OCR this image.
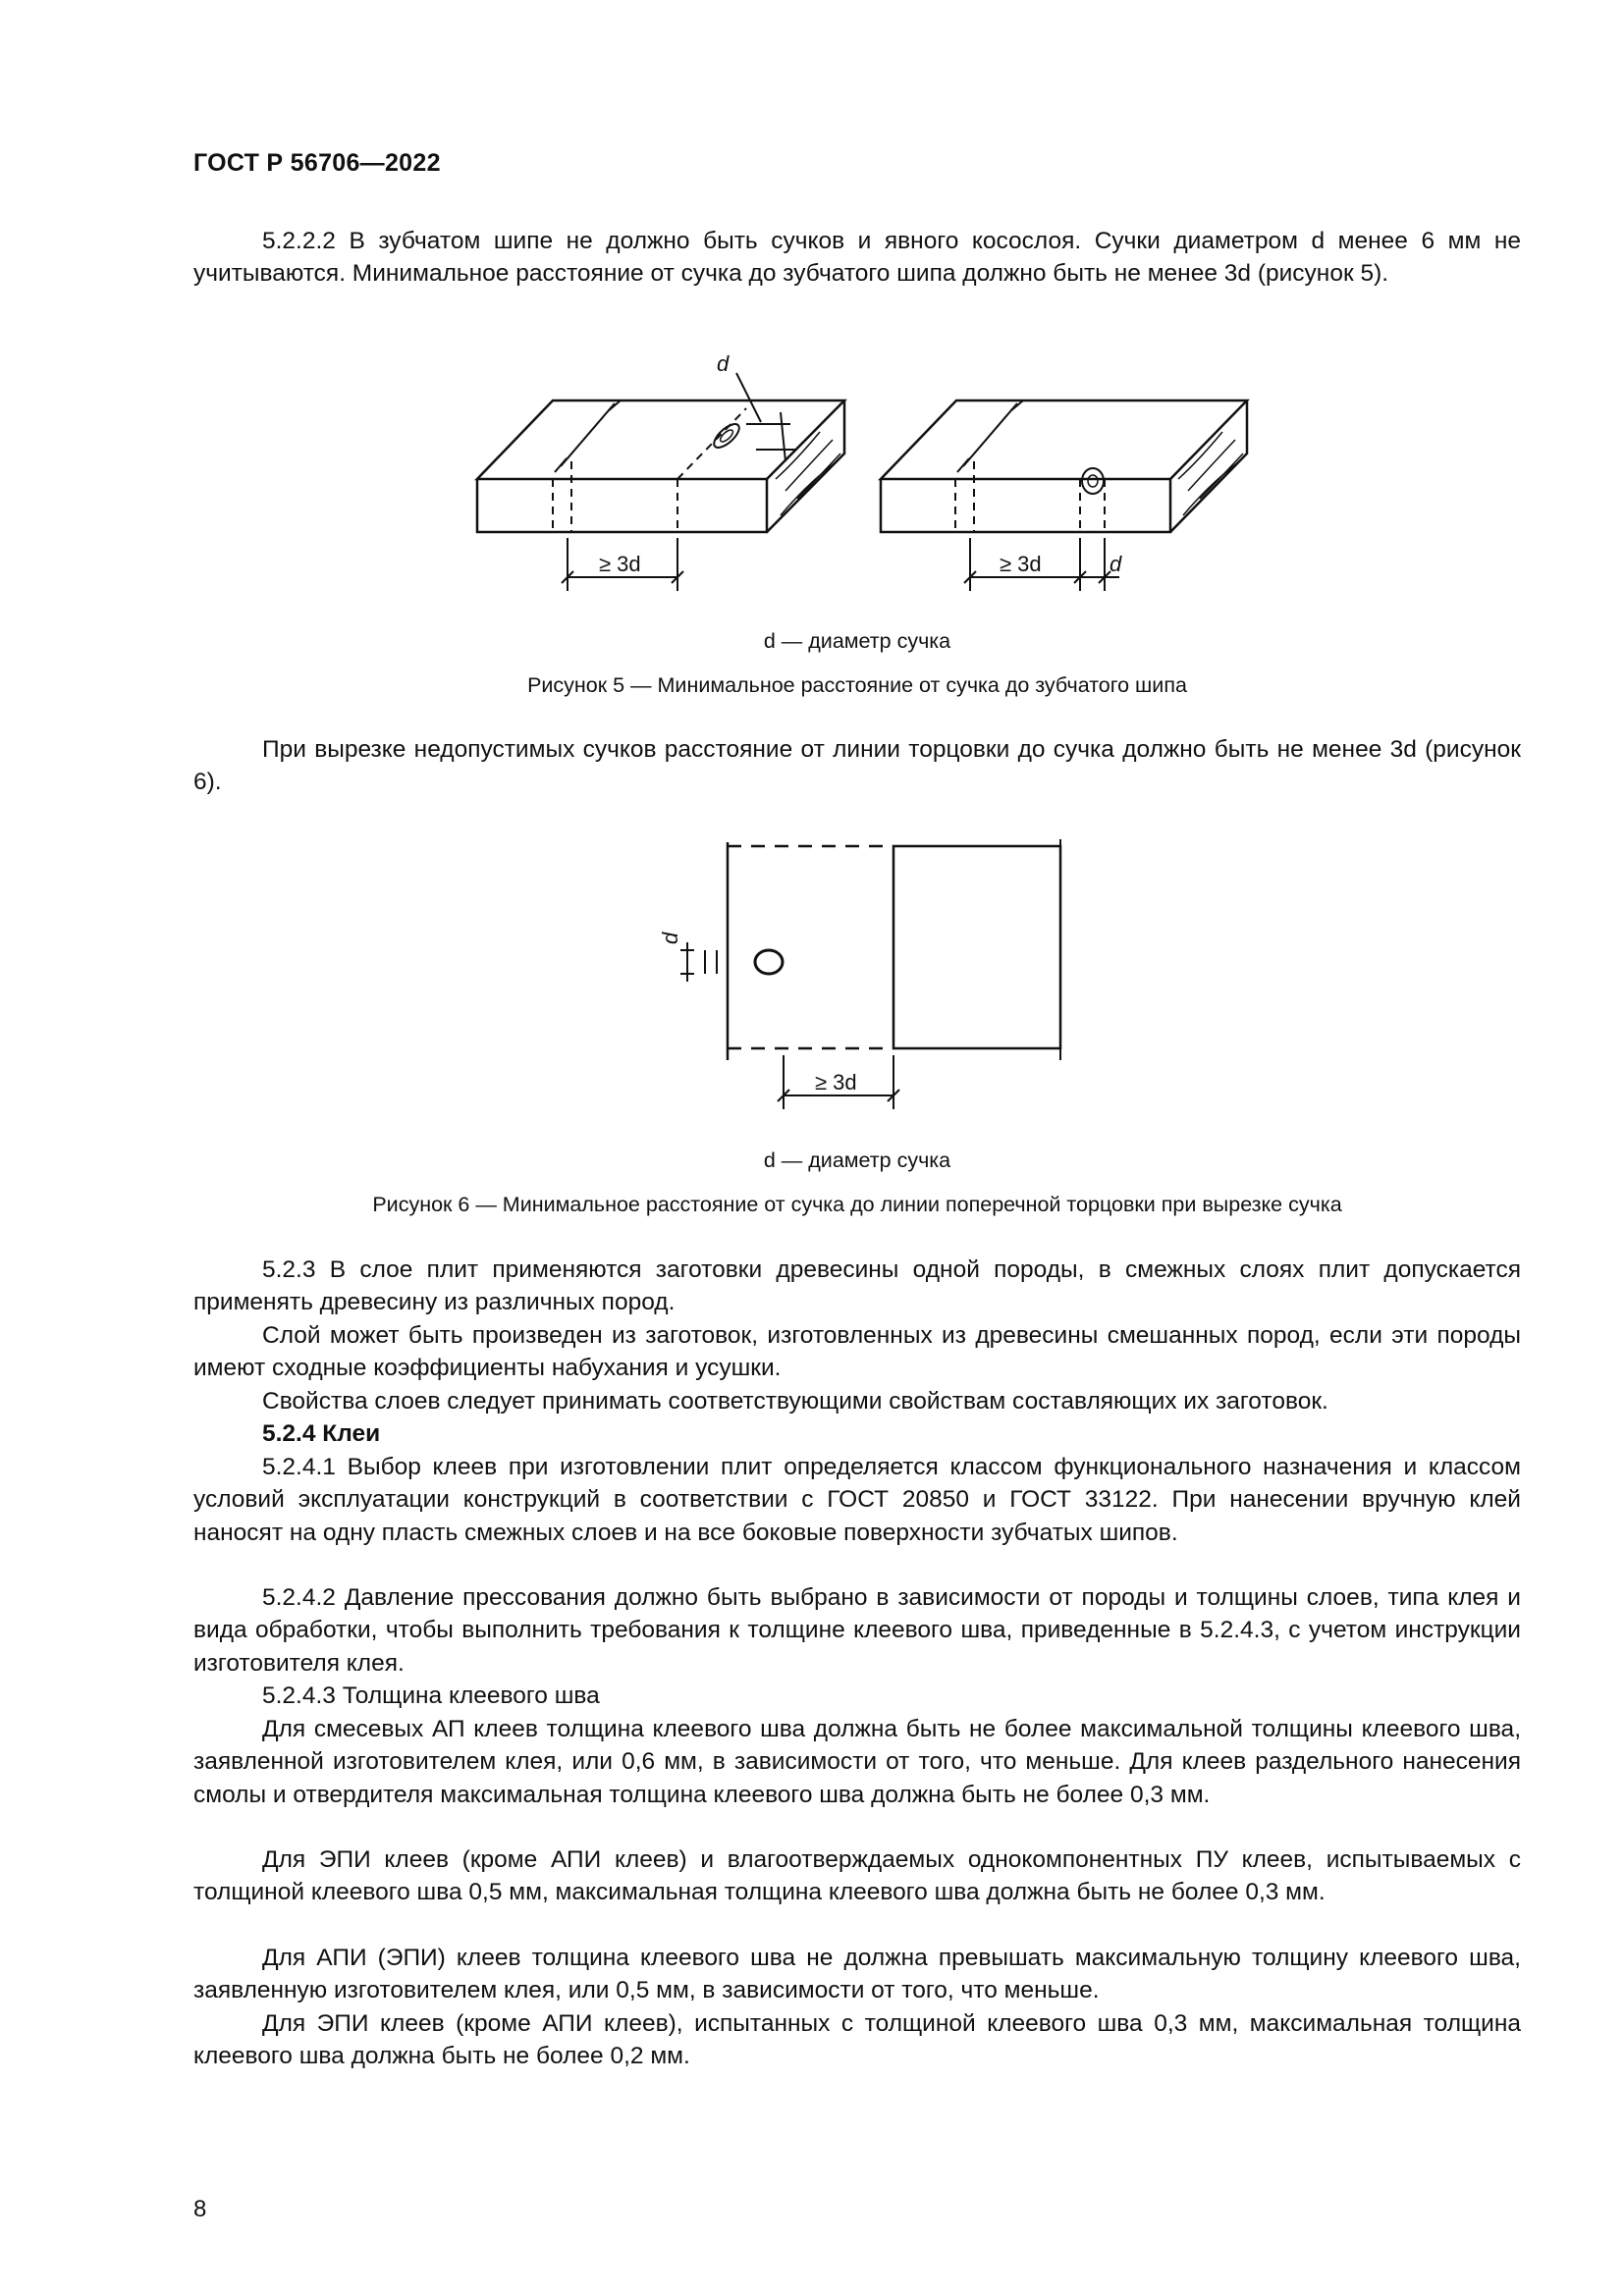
ГОСТ Р 56706—2022

5.2.2.2 В зубчатом шипе не должно быть сучков и явного косослоя. Сучки диаметром d менее 6 мм не учитываются. Минимальное расстояние от сучка до зубчатого шипа должно быть не менее 3d (рисунок 5).

d
≥ 3d	≥ 3d	d
d — диаметр сучка
Рисунок 5 — Минимальное расстояние от сучка до зубчатого шипа

При вырезке недопустимых сучков расстояние от линии торцовки до сучка должно быть не менее 3d (рисунок 6).

d
≥ 3d
d — диаметр сучка
Рисунок 6 — Минимальное расстояние от сучка до линии поперечной торцовки при вырезке сучка

5.2.3 В слое плит применяются заготовки древесины одной породы, в смежных слоях плит допускается применять древесину из различных пород.

Слой может быть произведен из заготовок, изготовленных из древесины смешанных пород, если эти породы имеют сходные коэффициенты набухания и усушки.

Свойства слоев следует принимать соответствующими свойствам составляющих их заготовок.

5.2.4 Клеи

5.2.4.1 Выбор клеев при изготовлении плит определяется классом функционального назначения и классом условий эксплуатации конструкций в соответствии с ГОСТ 20850 и ГОСТ 33122. При нанесении вручную клей наносят на одну пласть смежных слоев и на все боковые поверхности зубчатых шипов.

5.2.4.2 Давление прессования должно быть выбрано в зависимости от породы и толщины слоев, типа клея и вида обработки, чтобы выполнить требования к толщине клеевого шва, приведенные в 5.2.4.3, с учетом инструкции изготовителя клея.

5.2.4.3 Толщина клеевого шва

Для смесевых АП клеев толщина клеевого шва должна быть не более максимальной толщины клеевого шва, заявленной изготовителем клея, или 0,6 мм, в зависимости от того, что меньше. Для клеев раздельного нанесения смолы и отвердителя максимальная толщина клеевого шва должна быть не более 0,3 мм.

Для ЭПИ клеев (кроме АПИ клеев) и влагоотверждаемых однокомпонентных ПУ клеев, испытываемых с толщиной клеевого шва 0,5 мм, максимальная толщина клеевого шва должна быть не более 0,3 мм.

Для АПИ (ЭПИ) клеев толщина клеевого шва не должна превышать максимальную толщину клеевого шва, заявленную изготовителем клея, или 0,5 мм, в зависимости от того, что меньше.

Для ЭПИ клеев (кроме АПИ клеев), испытанных с толщиной клеевого шва 0,3 мм, максимальная толщина клеевого шва должна быть не более 0,2 мм.

8
